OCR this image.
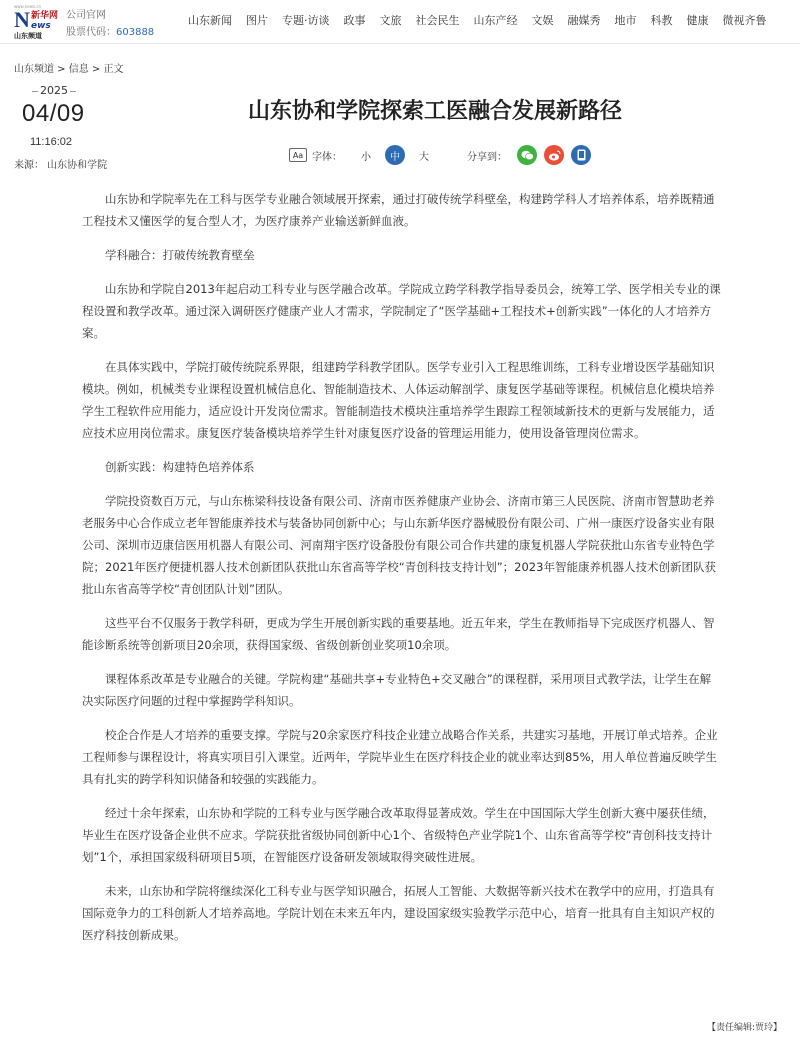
www.news.cn
N 新华网
ews
山东频道
公司官网
股票代码：603888
山东新闻 图片 专题·访谈 政事 文旅 社会民生 山东产经 文娱 融媒秀 地市 科教 健康 微视齐鲁
山东频道 > 信息 > 正文
2025
04/09
11:16:02
来源： 山东协和学院
山东协和学院探索工医融合发展新路径
Aa 字体：	小	中	大	分享到：

山东协和学院率先在工科与医学专业融合领域展开探索，通过打破传统学科壁垒，构建跨学科人才培养体系，培养既精通工程技术又懂医学的复合型人才，为医疗康养产业输送新鲜血液。

学科融合：打破传统教育壁垒

山东协和学院自2013年起启动工科专业与医学融合改革。学院成立跨学科教学指导委员会，统筹工学、医学相关专业的课程设置和教学改革。通过深入调研医疗健康产业人才需求，学院制定了“医学基础+工程技术+创新实践”一体化的人才培养方案。

在具体实践中，学院打破传统院系界限，组建跨学科教学团队。医学专业引入工程思维训练，工科专业增设医学基础知识模块。例如，机械类专业课程设置机械信息化、智能制造技术、人体运动解剖学、康复医学基础等课程。机械信息化模块培养学生工程软件应用能力，适应设计开发岗位需求。智能制造技术模块注重培养学生跟踪工程领域新技术的更新与发展能力，适应技术应用岗位需求。康复医疗装备模块培养学生针对康复医疗设备的管理运用能力，使用设备管理岗位需求。

创新实践：构建特色培养体系

学院投资数百万元，与山东栋梁科技设备有限公司、济南市医养健康产业协会、济南市第三人民医院、济南市智慧助老养老服务中心合作成立老年智能康养技术与装备协同创新中心；与山东新华医疗器械股份有限公司、广州一康医疗设备实业有限公司、深圳市迈康信医用机器人有限公司、河南翔宇医疗设备股份有限公司合作共建的康复机器人学院获批山东省专业特色学院；2021年医疗便捷机器人技术创新团队获批山东省高等学校“青创科技支持计划”；2023年智能康养机器人技术创新团队获批山东省高等学校“青创团队计划”团队。

这些平台不仅服务于教学科研，更成为学生开展创新实践的重要基地。近五年来，学生在教师指导下完成医疗机器人、智能诊断系统等创新项目20余项，获得国家级、省级创新创业奖项10余项。

课程体系改革是专业融合的关键。学院构建“基础共享+专业特色+交叉融合”的课程群，采用项目式教学法，让学生在解决实际医疗问题的过程中掌握跨学科知识。

校企合作是人才培养的重要支撑。学院与20余家医疗科技企业建立战略合作关系，共建实习基地，开展订单式培养。企业工程师参与课程设计，将真实项目引入课堂。近两年，学院毕业生在医疗科技企业的就业率达到85%，用人单位普遍反映学生具有扎实的跨学科知识储备和较强的实践能力。

经过十余年探索，山东协和学院的工科专业与医学融合改革取得显著成效。学生在中国国际大学生创新大赛中屡获佳绩，毕业生在医疗设备企业供不应求。学院获批省级协同创新中心1个、省级特色产业学院1个、山东省高等学校“青创科技支持计划”1个，承担国家级科研项目5项，在智能医疗设备研发领域取得突破性进展。

未来，山东协和学院将继续深化工科专业与医学知识融合，拓展人工智能、大数据等新兴技术在教学中的应用，打造具有国际竞争力的工科创新人才培养高地。学院计划在未来五年内，建设国家级实验教学示范中心，培育一批具有自主知识产权的医疗科技创新成果。

【责任编辑:贾玲】
